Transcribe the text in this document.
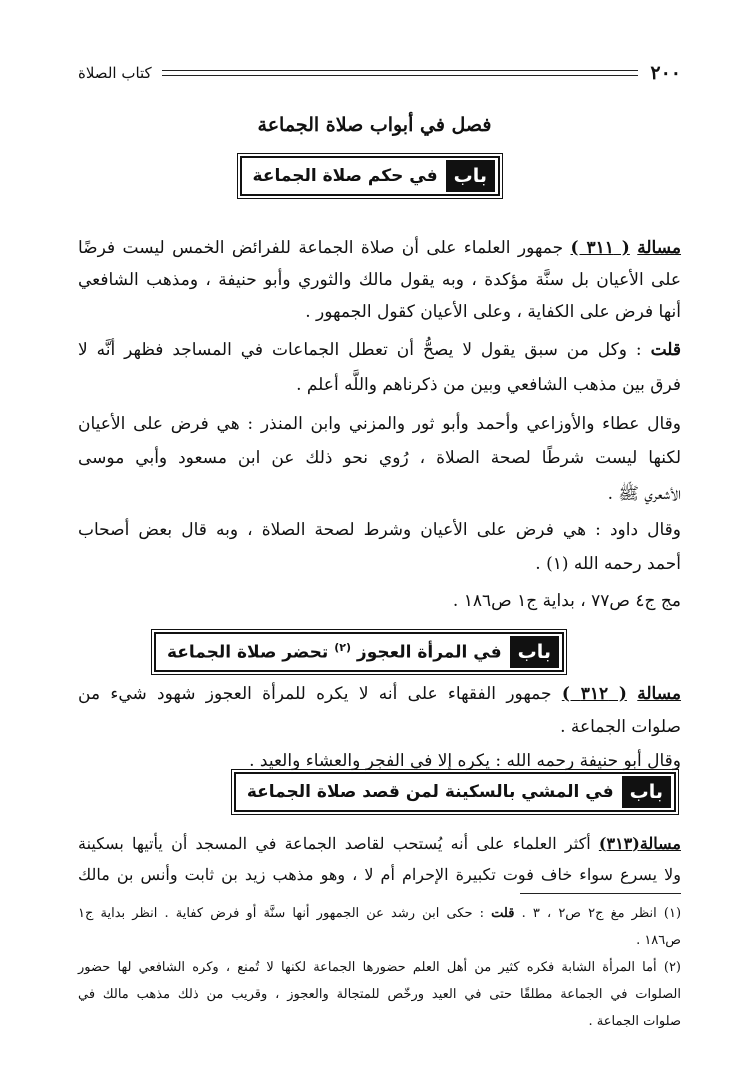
٢٠٠
كتاب الصلاة
فصل في أبواب صلاة الجماعة
باب
في حكم صلاة الجماعة
مسالة ( ٣١١ ) جمهور العلماء على أن صلاة الجماعة للفرائض الخمس ليست فرضًا
على الأعيان بل سنَّة مؤكدة ، وبه يقول مالك والثوري وأبو حنيفة ، ومذهب الشافعي
أنها فرض على الكفاية ، وعلى الأعيان كقول الجمهور .
قلت : وكل من سبق يقول لا يصحُّ أن تعطل الجماعات في المساجد فظهر أنَّه لا
فرق بين مذهب الشافعي وبين من ذكرناهم واللَّه أعلم .
وقال عطاء والأوزاعي وأحمد وأبو ثور والمزني وابن المنذر : هي فرض على الأعيان
لكنها ليست شرطًا لصحة الصلاة ، رُوي نحو ذلك عن ابن مسعود وأبي موسى
الأشعري ﷺ .
وقال داود : هي فرض على الأعيان وشرط لصحة الصلاة ، وبه قال بعض أصحاب
أحمد رحمه الله (١) .
مج ج٤ ص٧٧ ، بداية ج١ ص١٨٦ .
باب
في المرأة العجوز $^{(٢)}$ تحضر صلاة الجماعة
مسالة ( ٣١٢ ) جمهور الفقهاء على أنه لا يكره للمرأة العجوز شهود شيء من
صلوات الجماعة .
وقال أبو حنيفة رحمه الله : يكره إلا في الفجر والعشاء والعيد .
باب
في المشي بالسكينة لمن قصد صلاة الجماعة
مسالة(٣١٣) أكثر العلماء على أنه يُستحب لقاصد الجماعة في المسجد أن يأتيها بسكينة
ولا يسرع سواء خاف فوت تكبيرة الإحرام أم لا ، وهو مذهب زيد بن ثابت وأنس بن مالك
(١) انظر مغ ج٢ ص٢ ، ٣ . قلت : حكى ابن رشد عن الجمهور أنها سنَّة أو فرض كفاية . انظر بداية ج١
ص١٨٦ .
(٢) أما المرأة الشابة فكره كثير من أهل العلم حضورها الجماعة لكنها لا تُمنع ، وكره الشافعي لها حضور
الصلوات في الجماعة مطلقًا حتى في العيد ورخّص للمتجالة والعجوز ، وقريب من ذلك مذهب مالك في
صلوات الجماعة .
